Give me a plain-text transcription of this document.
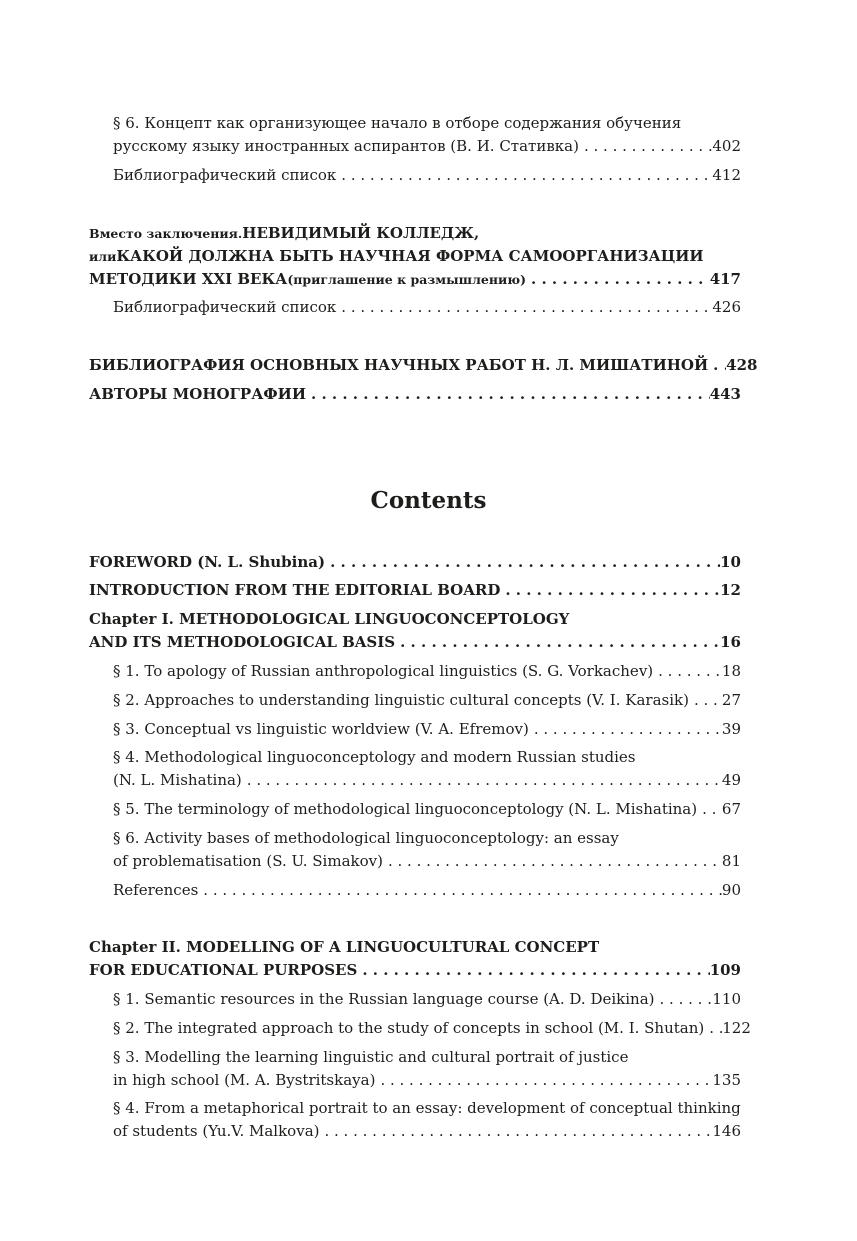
§ 6. Концепт как организующее начало в отборе содержания обучения
русскому языку иностранных аспирантов (В. И. Стативка) . . .	402
Библиографический список . . .	412
Вместо заключения. НЕВИДИМЫЙ КОЛЛЕДЖ,
или КАКОЙ ДОЛЖНА БЫТЬ НАУЧНАЯ ФОРМА САМООРГАНИЗАЦИИ
МЕТОДИКИ XXI ВЕКА (приглашение к размышлению) . . .	417
Библиографический список . . .	426
БИБЛИОГРАФИЯ ОСНОВНЫХ НАУЧНЫХ РАБОТ Н. Л. МИШАТИНОЙ . . . 428
АВТОРЫ МОНОГРАФИИ . . .	443
Contents
FOREWORD (N. L. Shubina) . . .	10
INTRODUCTION FROM THE EDITORIAL BOARD . . .	12
Chapter I. METHODOLOGICAL LINGUOCONCEPTOLOGY
AND ITS METHODOLOGICAL BASIS . . .	16
§ 1. To apology of Russian anthropological linguistics (S. G. Vorkachev) . . .	18
§ 2. Approaches to understanding linguistic cultural concepts (V. I. Karasik) . . . 27
§ 3. Conceptual vs linguistic worldview (V. A. Efremov) . . .	39
§ 4. Methodological linguoconceptology and modern Russian studies
(N. L. Mishatina) . . .	49
§ 5. The terminology of methodological linguoconceptology (N. L. Mishatina) . . . 67
§ 6. Activity bases of methodological linguoconceptology: an essay
of problematisation (S. U. Simakov) . . .	81
References . . .	90
Chapter II. MODELLING OF A LINGUOCULTURAL CONCEPT
FOR EDUCATIONAL PURPOSES . . .	109
§ 1. Semantic resources in the Russian language course (A. D. Deikina) . . .	110
§ 2. The integrated approach to the study of concepts in school (M. I. Shutan) . . . 122
§ 3. Modelling the learning linguistic and cultural portrait of justice
in high school (M. A. Bystritskaya) . . .	135
§ 4. From a metaphorical portrait to an essay: development of conceptual thinking
of students (Yu.V. Malkova) . . .	146
